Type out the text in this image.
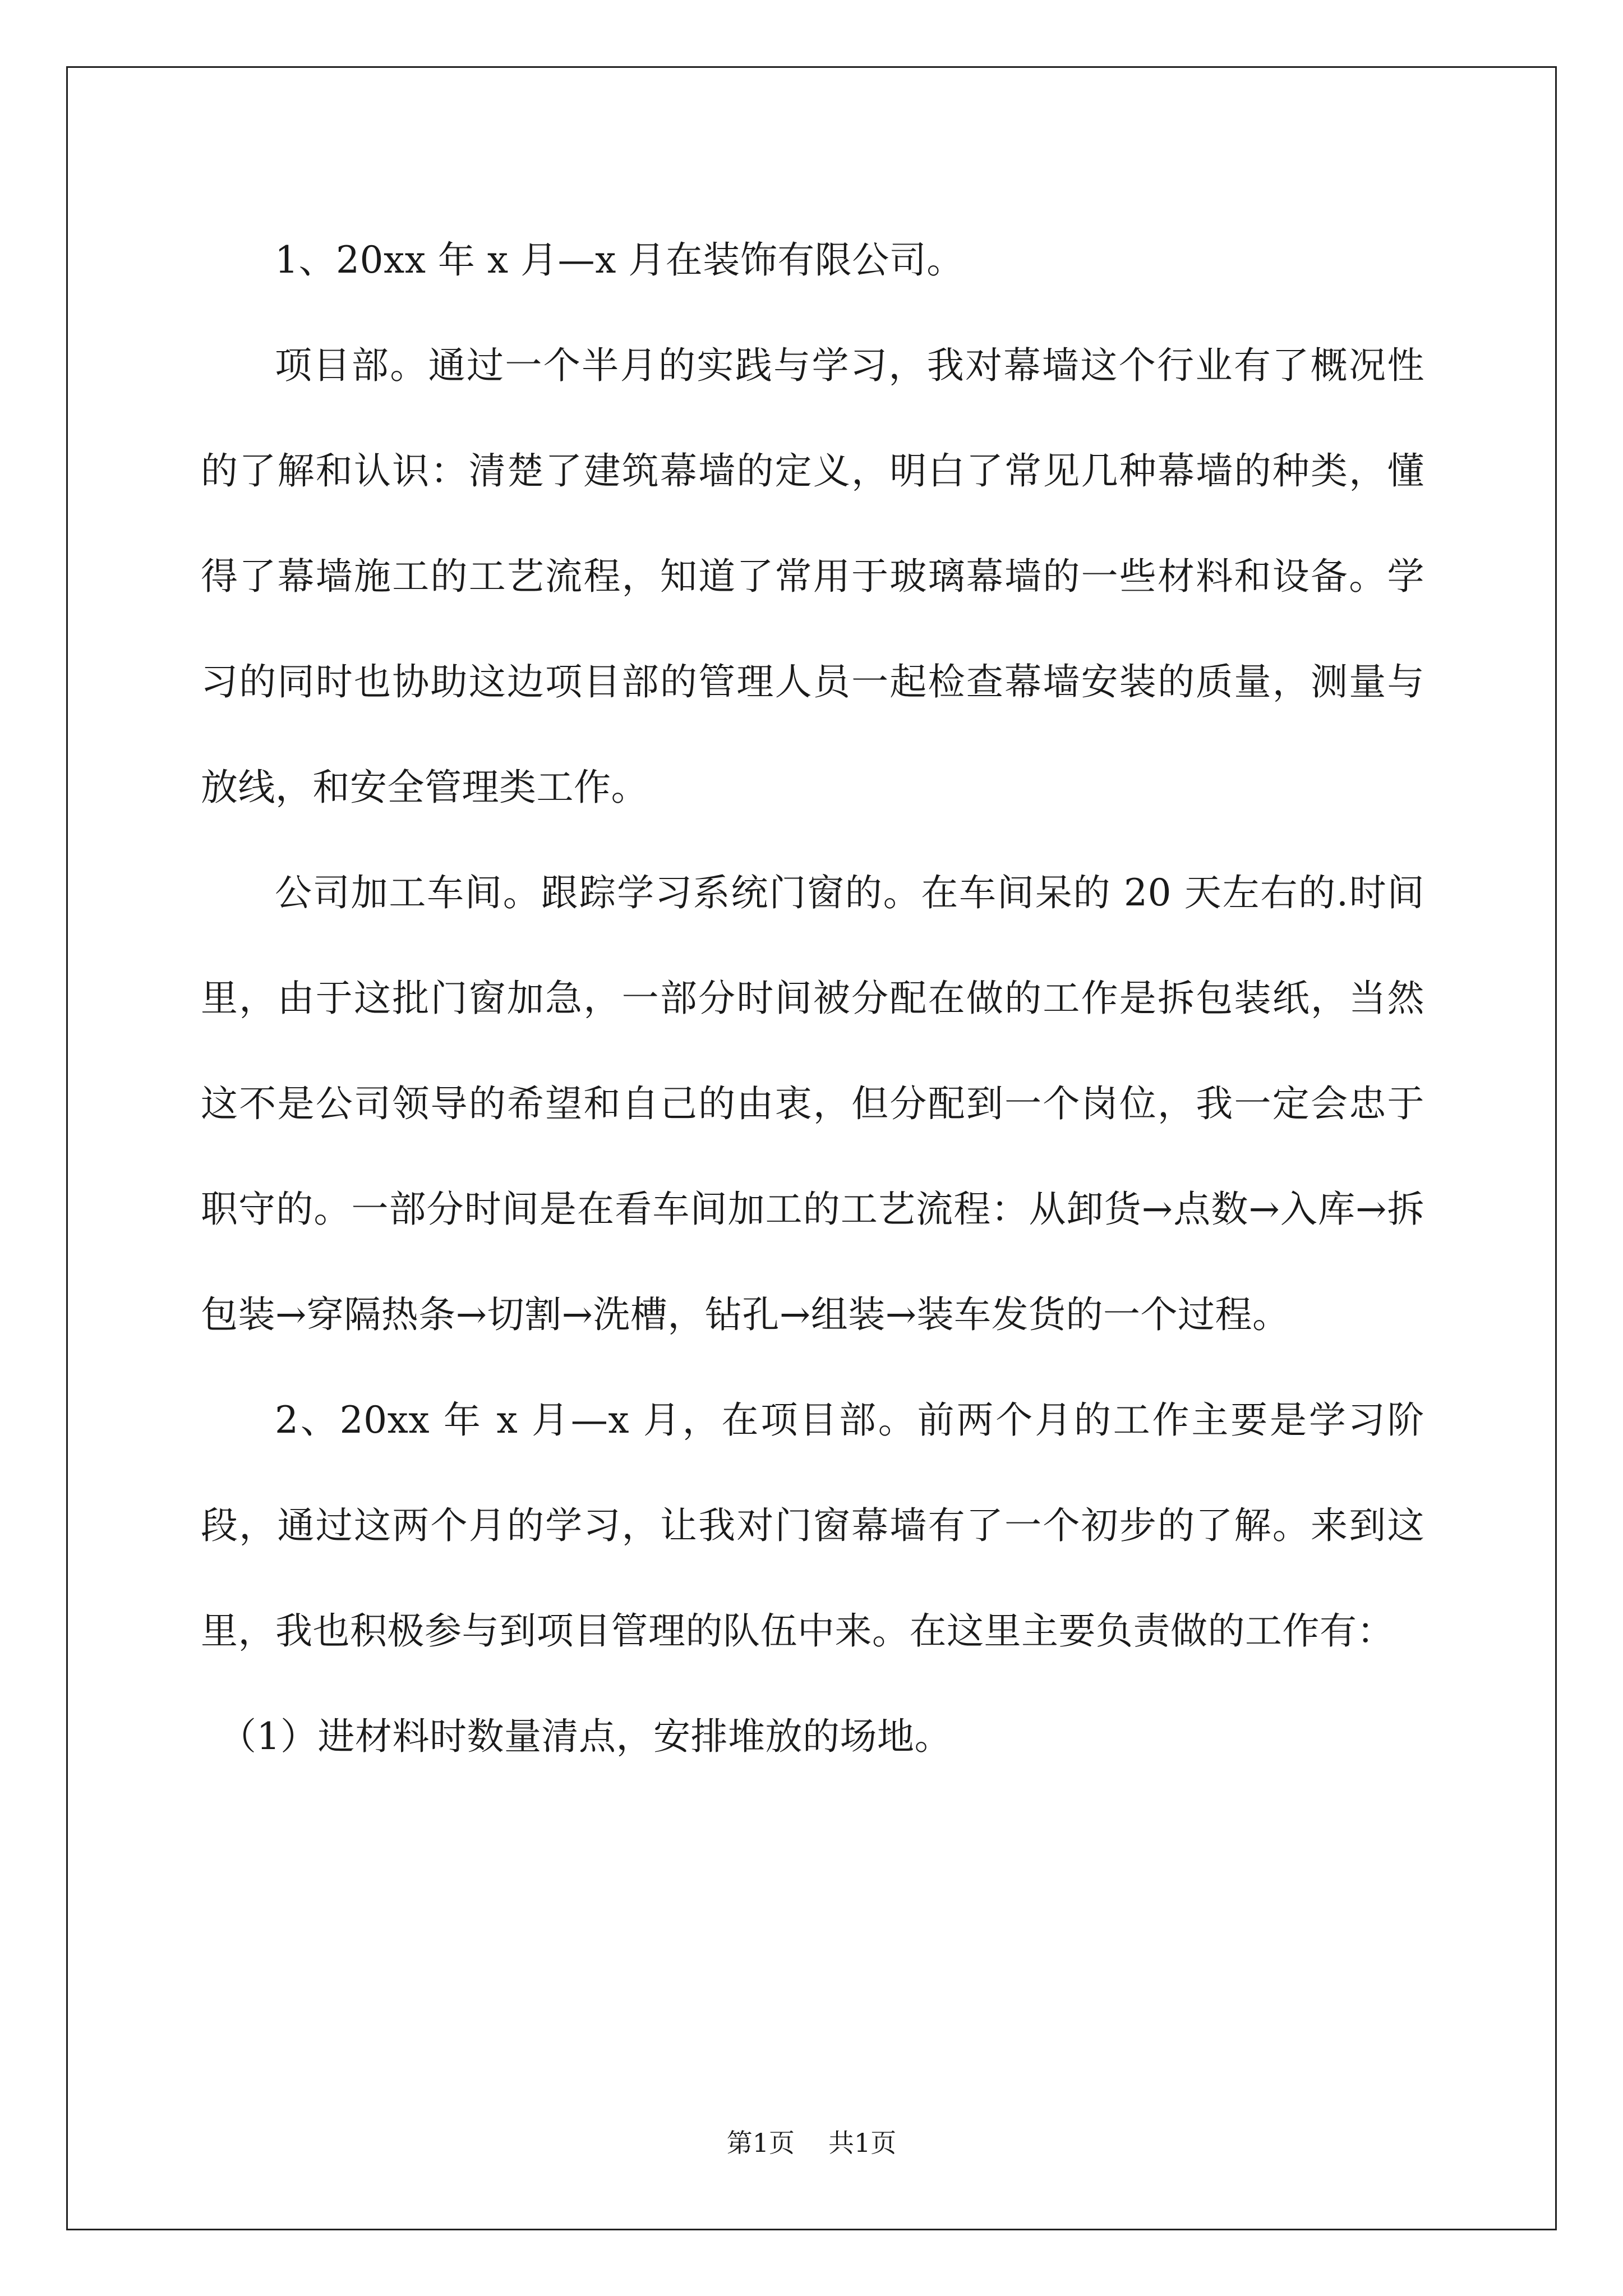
1、20xx 年 x 月—x 月在装饰有限公司。

项目部。通过一个半月的实践与学习，我对幕墙这个行业有了概况性的了解和认识：清楚了建筑幕墙的定义，明白了常见几种幕墙的种类，懂得了幕墙施工的工艺流程，知道了常用于玻璃幕墙的一些材料和设备。学习的同时也协助这边项目部的管理人员一起检查幕墙安装的质量，测量与放线，和安全管理类工作。

公司加工车间。跟踪学习系统门窗的。在车间呆的 20 天左右的.时间里，由于这批门窗加急，一部分时间被分配在做的工作是拆包装纸，当然这不是公司领导的希望和自己的由衷，但分配到一个岗位，我一定会忠于职守的。一部分时间是在看车间加工的工艺流程：从卸货→点数→入库→拆包装→穿隔热条→切割→洗槽，钻孔→组装→装车发货的一个过程。

2、20xx 年 x 月—x 月，在项目部。前两个月的工作主要是学习阶段，通过这两个月的学习，让我对门窗幕墙有了一个初步的了解。来到这里，我也积极参与到项目管理的队伍中来。在这里主要负责做的工作有：

（1）进材料时数量清点，安排堆放的场地。

第1页 共1页
